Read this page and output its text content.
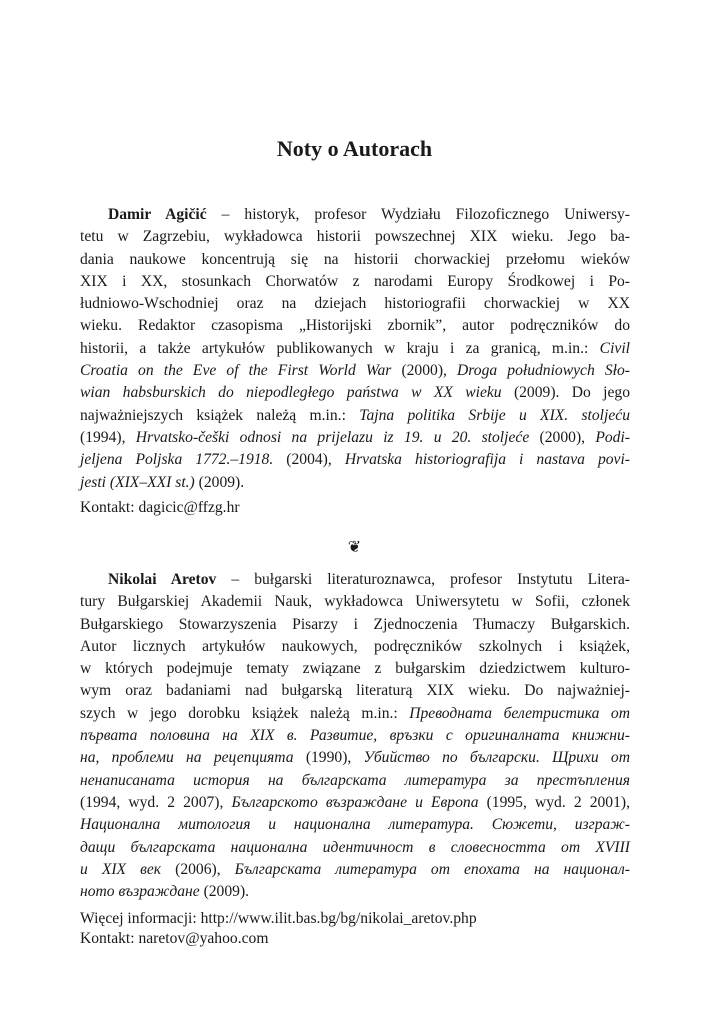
Noty o Autorach
Damir Agičić – historyk, profesor Wydziału Filozoficznego Uniwersy-
tetu w Zagrzebiu, wykładowca historii powszechnej XIX wieku. Jego ba-
dania naukowe koncentrują się na historii chorwackiej przełomu wieków
XIX i XX, stosunkach Chorwatów z narodami Europy Środkowej i Po-
łudniowo-Wschodniej oraz na dziejach historiografii chorwackiej w XX
wieku. Redaktor czasopisma „Historijski zbornik”, autor podręczników do
historii, a także artykułów publikowanych w kraju i za granicą, m.in.: Civil
Croatia on the Eve of the First World War (2000), Droga południowych Sło-
wian habsburskich do niepodległego państwa w XX wieku (2009). Do jego
najważniejszych książek należą m.in.: Tajna politika Srbije u XIX. stoljeću
(1994), Hrvatsko-češki odnosi na prijelazu iz 19. u 20. stoljeće (2000), Podi-
jeljena Poljska 1772.–1918. (2004), Hrvatska historiografija i nastava povi-
jesti (XIX–XXI st.) (2009).
Kontakt: dagicic@ffzg.hr
❦
Nikolai Aretov – bułgarski literaturoznawca, profesor Instytutu Litera-
tury Bułgarskiej Akademii Nauk, wykładowca Uniwersytetu w Sofii, członek
Bułgarskiego Stowarzyszenia Pisarzy i Zjednoczenia Tłumaczy Bułgarskich.
Autor licznych artykułów naukowych, podręczników szkolnych i książek,
w których podejmuje tematy związane z bułgarskim dziedzictwem kulturo-
wym oraz badaniami nad bułgarską literaturą XIX wieku. Do najważniej-
szych w jego dorobku książek należą m.in.: Преводната белетристика от
първата половина на XIX в. Развитие, връзки с оригиналната книжни-
на, проблеми на рецепцията (1990), Убийство по български. Щрихи от
ненаписаната история на българската литература за престъпления
(1994, wyd. 2 2007), Българското възраждане и Европа (1995, wyd. 2 2001),
Национална митология и национална литература. Сюжети, изграж-
дащи българската национална идентичност в словесността от XVIII
и XIX век (2006), Българската литература от епохата на национал-
ното възраждане (2009).
Więcej informacji: http://www.ilit.bas.bg/bg/nikolai_aretov.php
Kontakt: naretov@yahoo.com
